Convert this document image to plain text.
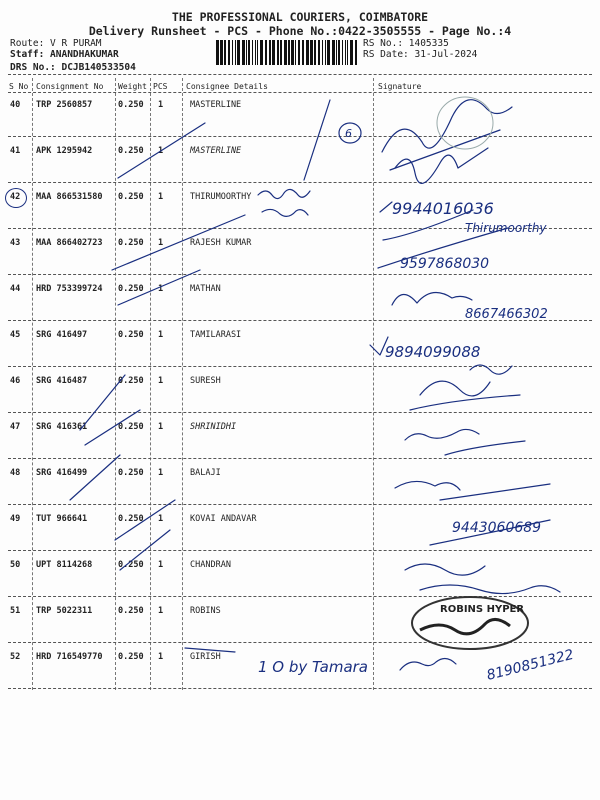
THE PROFESSIONAL COURIERS, COIMBATORE
Delivery Runsheet - PCS - Phone No.:0422-3505555 - Page No.:4
Route: V R PURAM
Staff: ANANDHAKUMAR
DRS No.: DCJB140533504
RS No.: 1405335
RS Date: 31-Jul-2024
S No Consignment No Weight PCS Consignee Details	Signature
40 TRP 2560857	0.250 1	MASTERLINE
41 APK 1295942	0.250 1	MASTERLINE
42 MAA 866531580 0.250 1	THIRUMOORTHY
43 MAA 866402723 0.250 1	RAJESH KUMAR
44 HRD 753399724 0.250 1	MATHAN
45 SRG 416497	0.250 1	TAMILARASI
46 SRG 416487	0.250 1	SURESH
47 SRG 416361	0.250 1	SHRINIDHI
48 SRG 416499	0.250 1	BALAJI
49 TUT 966641	0.250 1	KOVAI ANDAVAR
50 UPT 8114268	0.250 1	CHANDRAN
51 TRP 5022311	0.250 1	ROBINS
52 HRD 716549770 0.250 1	GIRISH
6
9944016036
Thirumoorthy
9597868030
8667466302
9894099088
9443060689
ROBINS HYPER
1 O by Tamara	8190851322
